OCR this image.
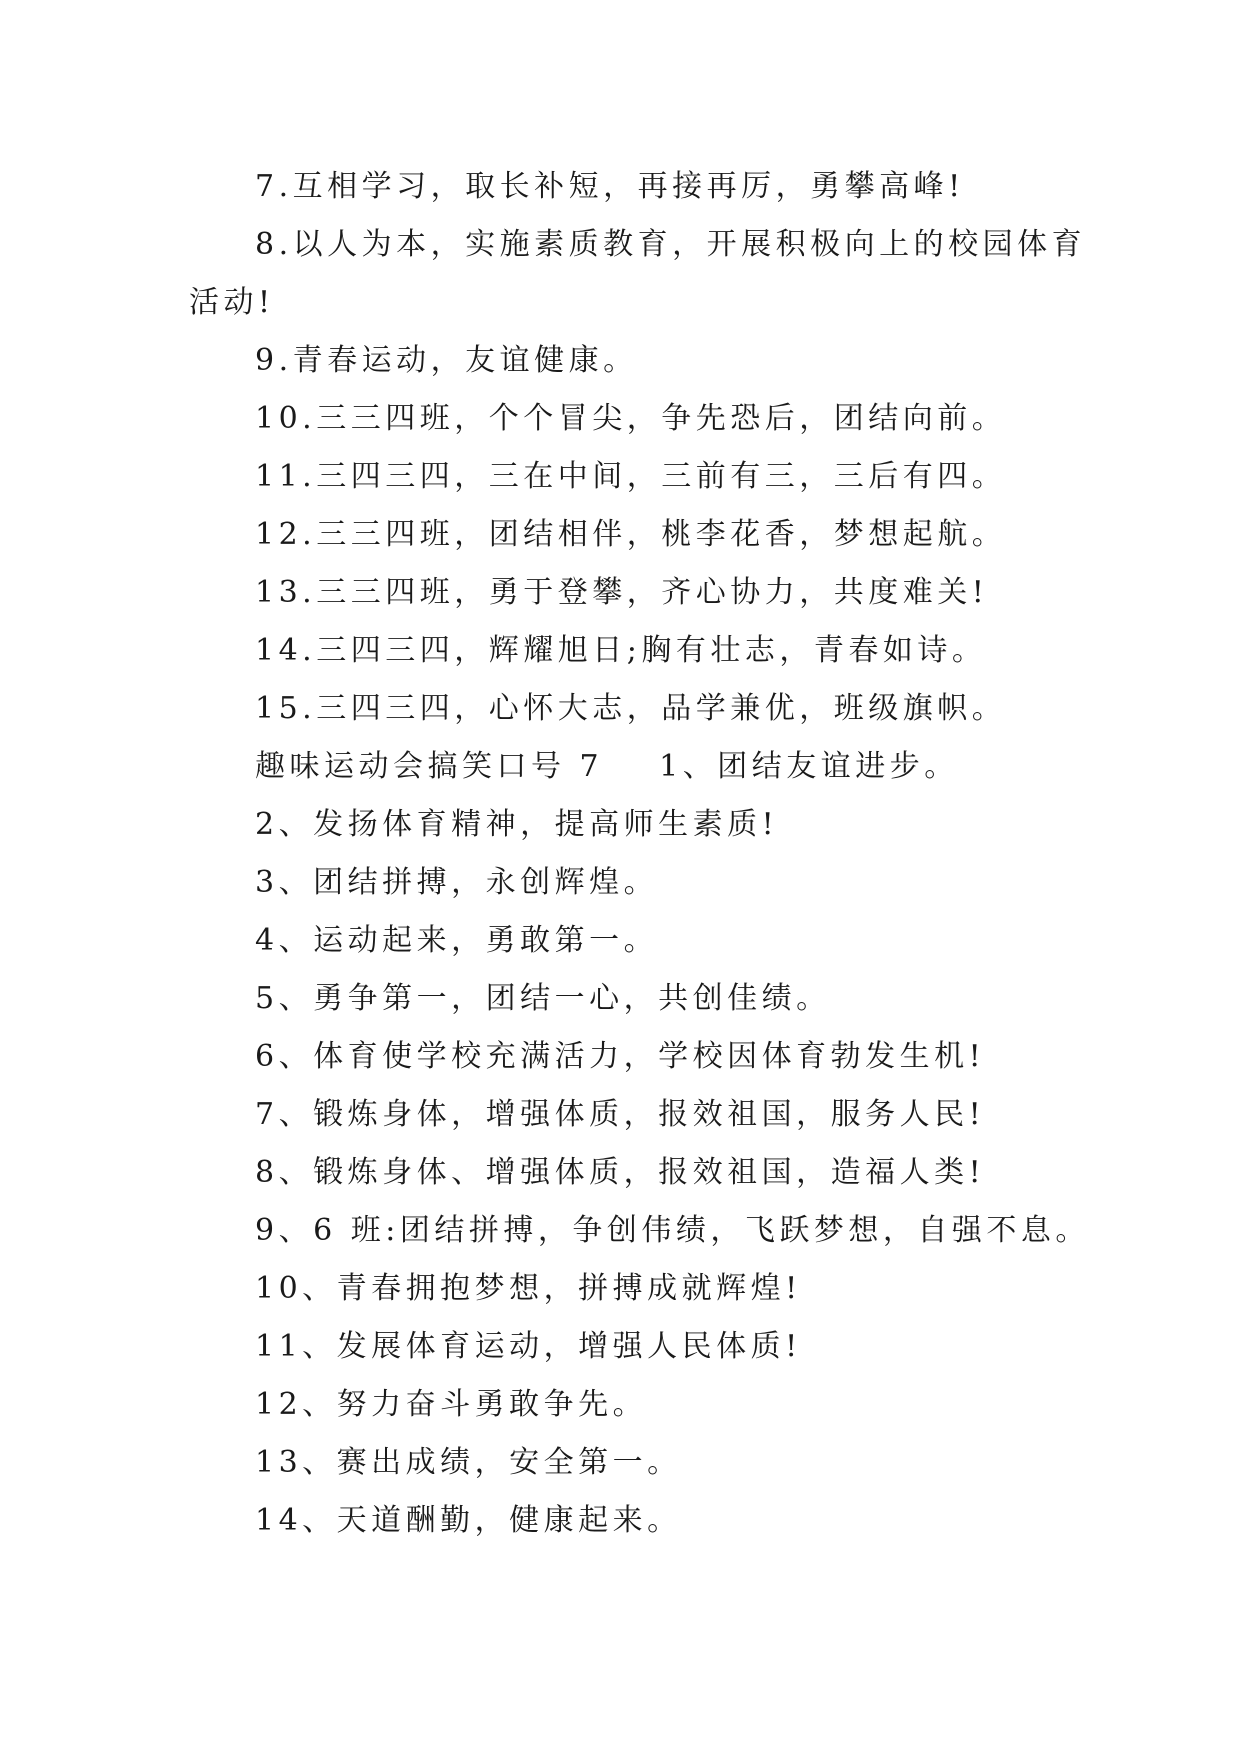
7.互相学习，取长补短，再接再厉，勇攀高峰!
8.以人为本，实施素质教育，开展积极向上的校园体育
活动!
9.青春运动，友谊健康。
10.三三四班，个个冒尖，争先恐后，团结向前。
11.三四三四，三在中间，三前有三，三后有四。
12.三三四班，团结相伴，桃李花香，梦想起航。
13.三三四班，勇于登攀，齐心协力，共度难关!
14.三四三四，辉耀旭日;胸有壮志，青春如诗。
15.三四三四，心怀大志，品学兼优，班级旗帜。
趣味运动会搞笑口号 7 1、团结友谊进步。
2、发扬体育精神，提高师生素质!
3、团结拼搏，永创辉煌。
4、运动起来，勇敢第一。
5、勇争第一，团结一心，共创佳绩。
6、体育使学校充满活力，学校因体育勃发生机!
7、锻炼身体，增强体质，报效祖国，服务人民!
8、锻炼身体、增强体质，报效祖国，造福人类!
9、6 班:团结拼搏，争创伟绩，飞跃梦想，自强不息。
10、青春拥抱梦想，拼搏成就辉煌!
11、发展体育运动，增强人民体质!
12、努力奋斗勇敢争先。
13、赛出成绩，安全第一。
14、天道酬勤，健康起来。
